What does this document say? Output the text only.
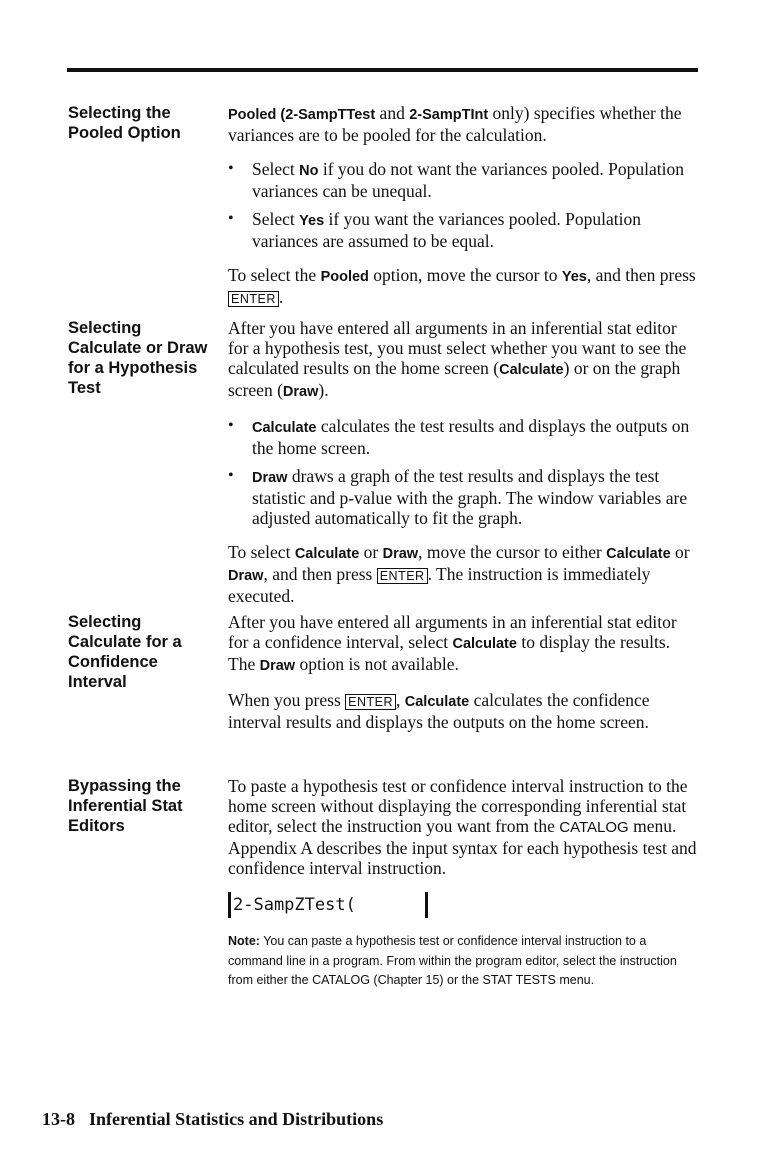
Selecting the
Pooled Option

Pooled (2-SampTTest and 2-SampTInt only) specifies whether the variances are to be pooled for the calculation.

• Select No if you do not want the variances pooled. Population variances can be unequal.
• Select Yes if you want the variances pooled. Population variances are assumed to be equal.

To select the Pooled option, move the cursor to Yes, and then press ENTER .

Selecting
Calculate or Draw
for a Hypothesis
Test

After you have entered all arguments in an inferential stat editor for a hypothesis test, you must select whether you want to see the calculated results on the home screen (Calculate) or on the graph screen (Draw).

• Calculate calculates the test results and displays the outputs on the home screen.
• Draw draws a graph of the test results and displays the test statistic and p-value with the graph. The window variables are adjusted automatically to fit the graph.

To select Calculate or Draw, move the cursor to either Calculate or Draw, and then press ENTER . The instruction is immediately executed.

Selecting
Calculate for a
Confidence
Interval

After you have entered all arguments in an inferential stat editor for a confidence interval, select Calculate to display the results. The Draw option is not available.

When you press ENTER , Calculate calculates the confidence interval results and displays the outputs on the home screen.

Bypassing the
Inferential Stat
Editors

To paste a hypothesis test or confidence interval instruction to the home screen without displaying the corresponding inferential stat editor, select the instruction you want from the CATALOG menu. Appendix A describes the input syntax for each hypothesis test and confidence interval instruction.

2-SampZTest(
Note: You can paste a hypothesis test or confidence interval instruction to a command line in a program. From within the program editor, select the instruction from either the CATALOG (Chapter 15) or the STAT TESTS menu.
13-8 Inferential Statistics and Distributions
